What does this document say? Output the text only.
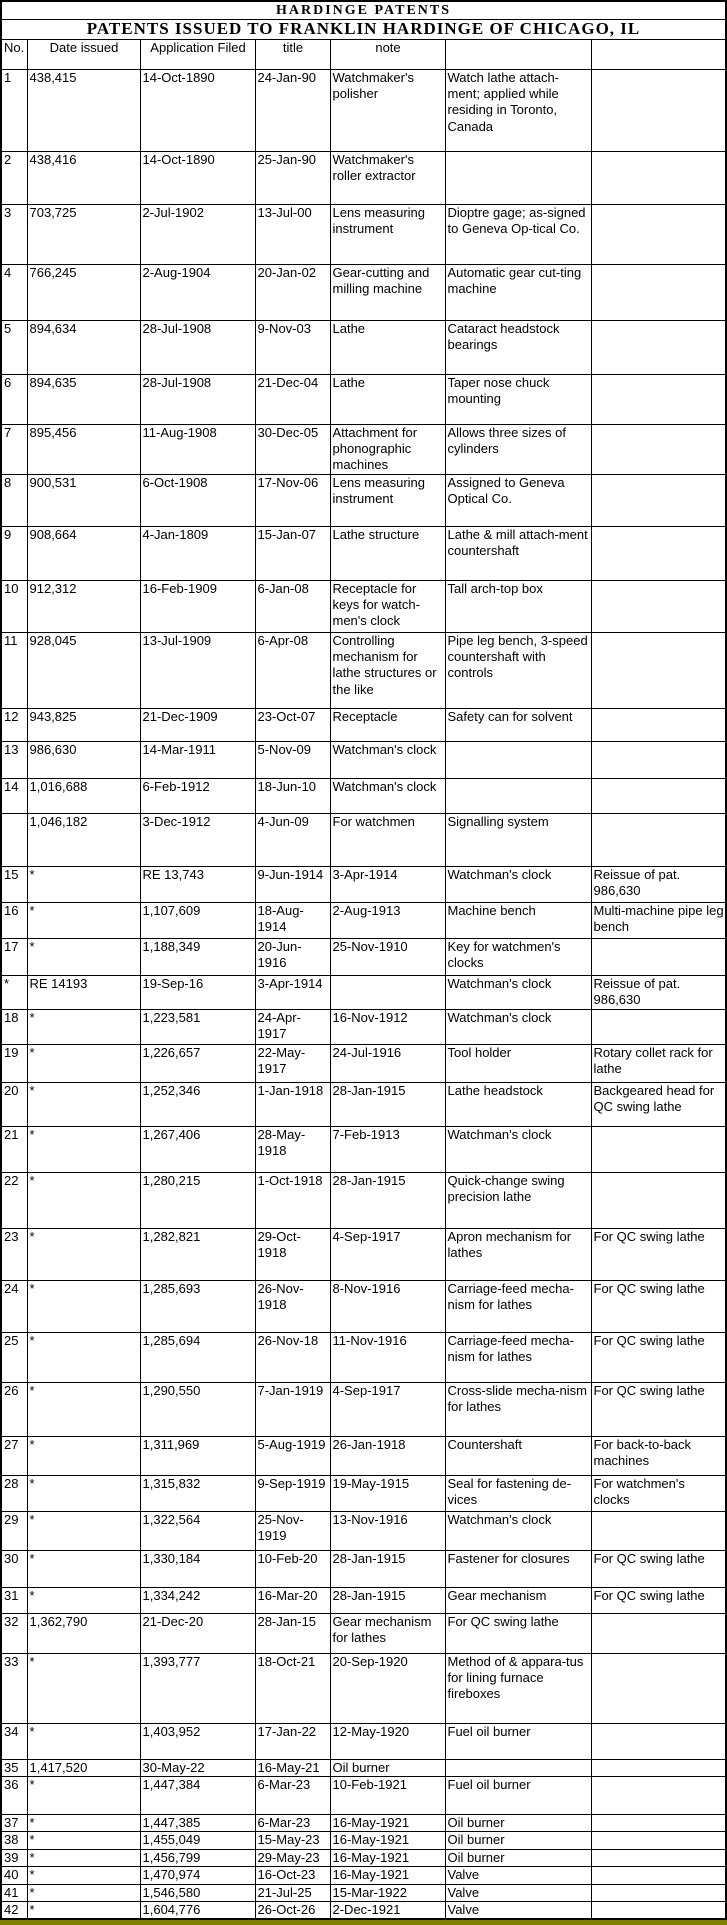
HARDINGE PATENTS						
PATENTS ISSUED TO FRANKLIN HARDINGE OF CHICAGO, IL						
No.	Date issued	Application Filed	title	note		
1	438,415	14-Oct-1890	24-Jan-90	Watchmaker's polisher	Watch lathe attach-ment; applied while residing in Toronto, Canada	
2	438,416	14-Oct-1890	25-Jan-90	Watchmaker's roller extractor		
3	703,725	2-Jul-1902	13-Jul-00	Lens measuring instrument	Dioptre gage; as-signed to Geneva Op-tical Co.	
4	766,245	2-Aug-1904	20-Jan-02	Gear-cutting and milling machine	Automatic gear cut-ting machine	
5	894,634	28-Jul-1908	9-Nov-03	Lathe	Cataract headstock bearings	
6	894,635	28-Jul-1908	21-Dec-04	Lathe	Taper nose chuck mounting	
7	895,456	11-Aug-1908	30-Dec-05	Attachment for phonographic machines	Allows three sizes of cylinders	
8	900,531	6-Oct-1908	17-Nov-06	Lens measuring instrument	Assigned to Geneva Optical Co.	
9	908,664	4-Jan-1809	15-Jan-07	Lathe structure	Lathe & mill attach-ment countershaft	
10	912,312	16-Feb-1909	6-Jan-08	Receptacle for keys for watch-men's clock	Tall arch-top box	
11	928,045	13-Jul-1909	6-Apr-08	Controlling mechanism for lathe structures or the like	Pipe leg bench, 3-speed countershaft with controls	
12	943,825	21-Dec-1909	23-Oct-07	Receptacle	Safety can for solvent	
13	986,630	14-Mar-1911	5-Nov-09	Watchman's clock		
14	1,016,688	6-Feb-1912	18-Jun-10	Watchman's clock		
	1,046,182	3-Dec-1912	4-Jun-09	For watchmen	Signalling system	
15	*	RE 13,743	9-Jun-1914	3-Apr-1914	Watchman's clock	Reissue of pat. 986,630
16	*	1,107,609	18-Aug-1914	2-Aug-1913	Machine bench	Multi-machine pipe leg bench
17	*	1,188,349	20-Jun-1916	25-Nov-1910	Key for watchmen's clocks	
*	RE 14193	19-Sep-16	3-Apr-1914		Watchman's clock	Reissue of pat. 986,630
18	*	1,223,581	24-Apr-1917	16-Nov-1912	Watchman's clock	
19	*	1,226,657	22-May-1917	24-Jul-1916	Tool holder	Rotary collet rack for lathe
20	*	1,252,346	1-Jan-1918	28-Jan-1915	Lathe headstock	Backgeared head for QC swing lathe
21	*	1,267,406	28-May-1918	7-Feb-1913	Watchman's clock	
22	*	1,280,215	1-Oct-1918	28-Jan-1915	Quick-change swing precision lathe	
23	*	1,282,821	29-Oct-1918	4-Sep-1917	Apron mechanism for lathes	For QC swing lathe
24	*	1,285,693	26-Nov-1918	8-Nov-1916	Carriage-feed mecha-nism for lathes	For QC swing lathe
25	*	1,285,694	26-Nov-18	11-Nov-1916	Carriage-feed mecha-nism for lathes	For QC swing lathe
26	*	1,290,550	7-Jan-1919	4-Sep-1917	Cross-slide mecha-nism for lathes	For QC swing lathe
27	*	1,311,969	5-Aug-1919	26-Jan-1918	Countershaft	For back-to-back machines
28	*	1,315,832	9-Sep-1919	19-May-1915	Seal for fastening de-vices	For watchmen's clocks
29	*	1,322,564	25-Nov-1919	13-Nov-1916	Watchman's clock	
30	*	1,330,184	10-Feb-20	28-Jan-1915	Fastener for closures	For QC swing lathe
31	*	1,334,242	16-Mar-20	28-Jan-1915	Gear mechanism	For QC swing lathe
32	1,362,790	21-Dec-20	28-Jan-15	Gear mechanism for lathes	For QC swing lathe	
33	*	1,393,777	18-Oct-21	20-Sep-1920	Method of & appara-tus for lining furnace fireboxes	
34	*	1,403,952	17-Jan-22	12-May-1920	Fuel oil burner	
35	1,417,520	30-May-22	16-May-21	Oil burner		
36	*	1,447,384	6-Mar-23	10-Feb-1921	Fuel oil burner	
37	*	1,447,385	6-Mar-23	16-May-1921	Oil burner	
38	*	1,455,049	15-May-23	16-May-1921	Oil burner	
39	*	1,456,799	29-May-23	16-May-1921	Oil burner	
40	*	1,470,974	16-Oct-23	16-May-1921	Valve	
41	*	1,546,580	21-Jul-25	15-Mar-1922	Valve	
42	*	1,604,776	26-Oct-26	2-Dec-1921	Valve	
